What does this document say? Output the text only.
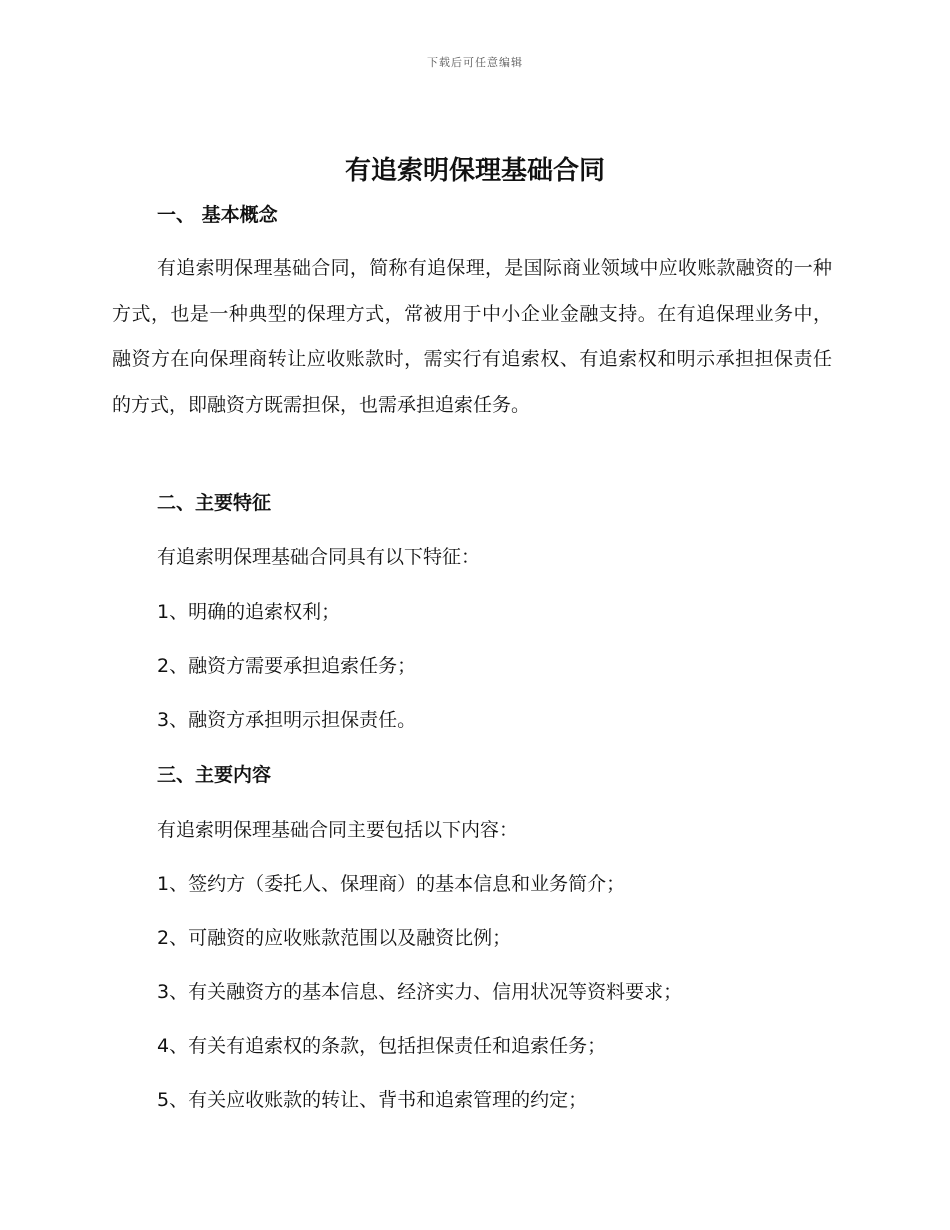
下载后可任意编辑
有追索明保理基础合同
一、 基本概念
有追索明保理基础合同，简称有追保理，是国际商业领域中应收账款融资的一种方式，也是一种典型的保理方式，常被用于中小企业金融支持。在有追保理业务中，融资方在向保理商转让应收账款时，需实行有追索权、有追索权和明示承担担保责任的方式，即融资方既需担保，也需承担追索任务。
二、主要特征
有追索明保理基础合同具有以下特征：
1、明确的追索权利；
2、融资方需要承担追索任务；
3、融资方承担明示担保责任。
三、主要内容
有追索明保理基础合同主要包括以下内容：
1、签约方（委托人、保理商）的基本信息和业务简介；
2、可融资的应收账款范围以及融资比例；
3、有关融资方的基本信息、经济实力、信用状况等资料要求；
4、有关有追索权的条款，包括担保责任和追索任务；
5、有关应收账款的转让、背书和追索管理的约定；
